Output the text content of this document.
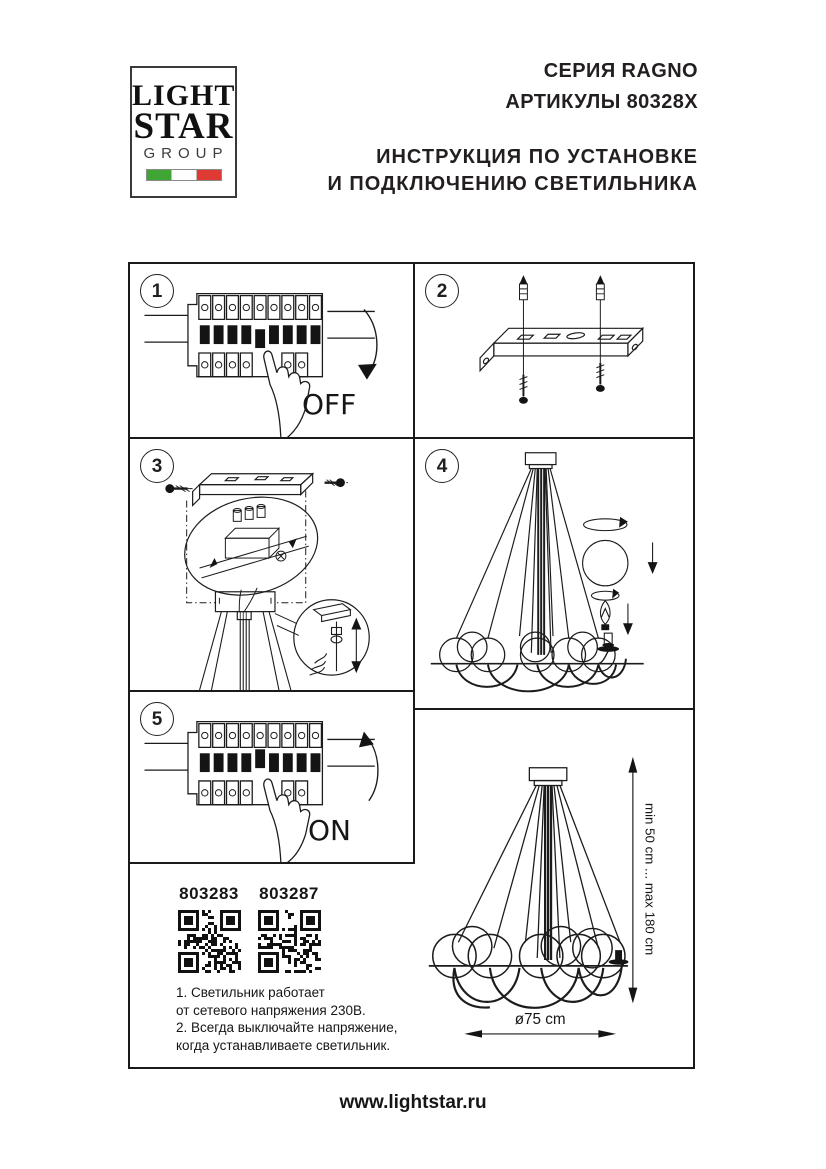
LIGHT
STAR
GROUP
СЕРИЯ RAGNO
АРТИКУЛЫ 80328X
ИНСТРУКЦИЯ ПО УСТАНОВКЕ
И ПОДКЛЮЧЕНИЮ СВЕТИЛЬНИКА
1
OFF
2
3	4
5
ON
803283 803287
1. Светильник работает
от сетевого напряжения 230В.
2. Всегда выключайте напряжение,
когда устанавливаете светильник.
min 50 cm ... max 180 cm
ø75 cm
www.lightstar.ru
